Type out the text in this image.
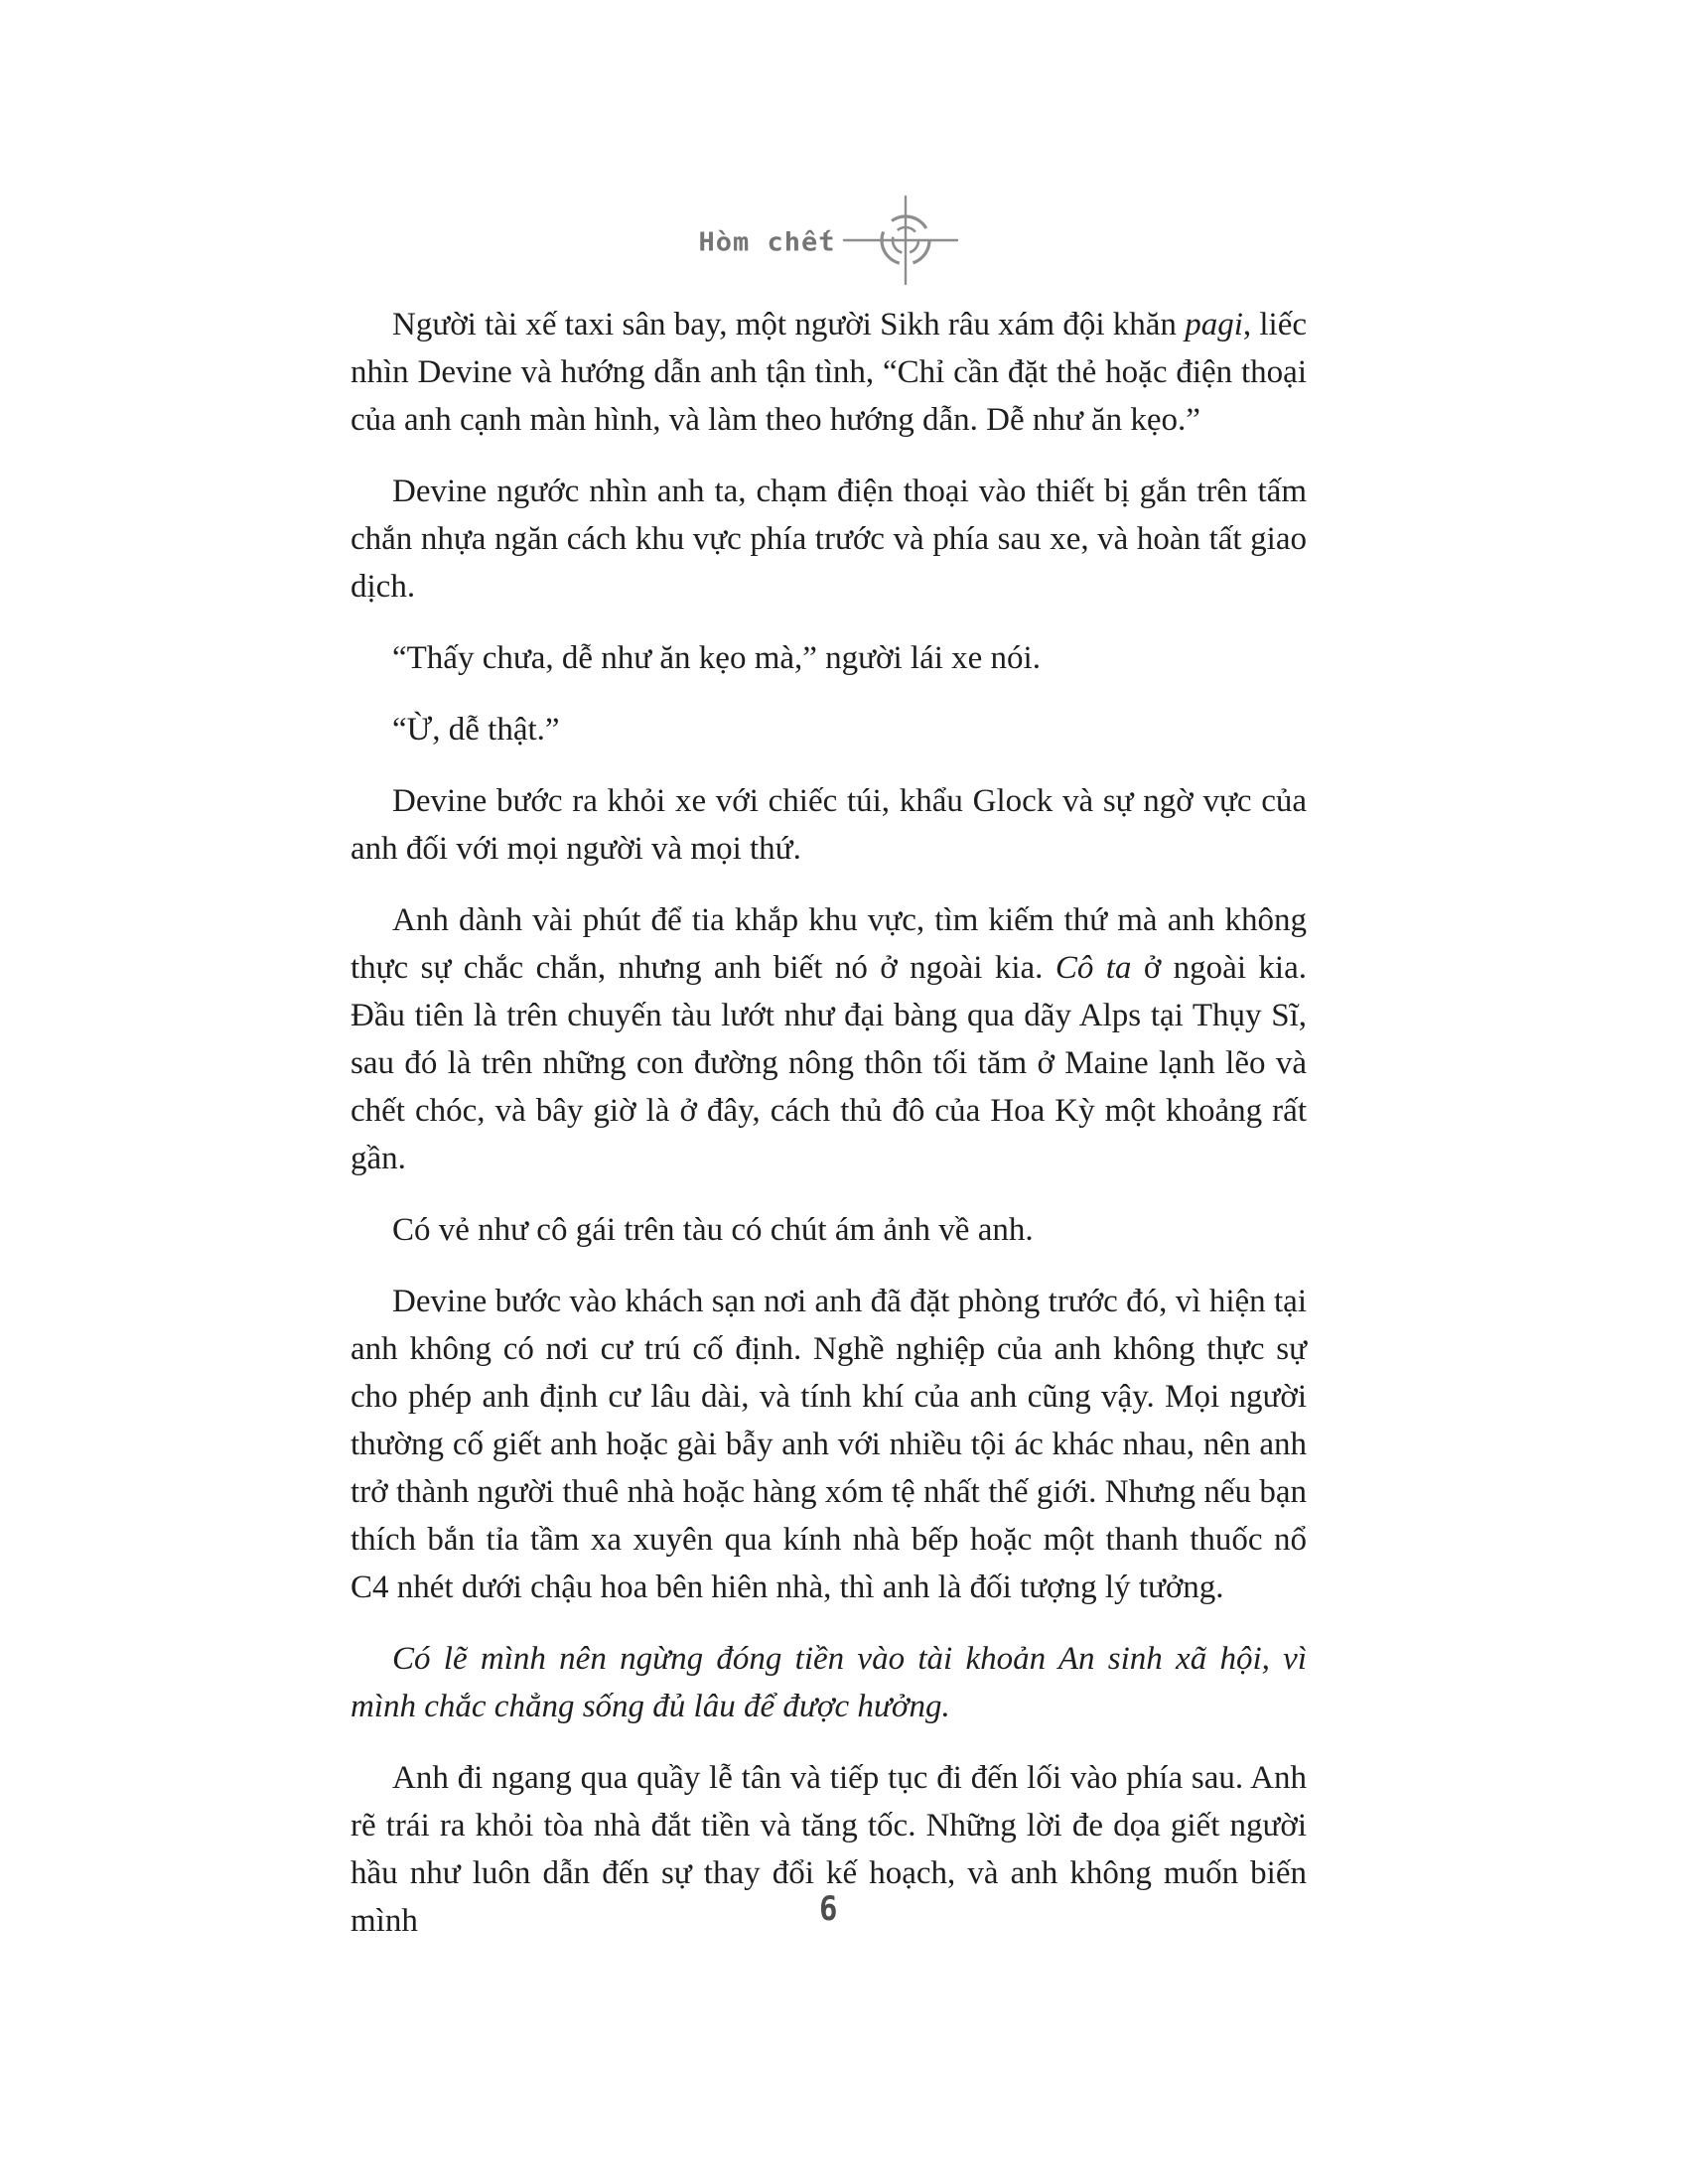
Hòm chết

Người tài xế taxi sân bay, một người Sikh râu xám đội khăn pagi, liếc nhìn Devine và hướng dẫn anh tận tình, “Chỉ cần đặt thẻ hoặc điện thoại của anh cạnh màn hình, và làm theo hướng dẫn. Dễ như ăn kẹo.”

Devine ngước nhìn anh ta, chạm điện thoại vào thiết bị gắn trên tấm chắn nhựa ngăn cách khu vực phía trước và phía sau xe, và hoàn tất giao dịch.

“Thấy chưa, dễ như ăn kẹo mà,” người lái xe nói.

“Ừ, dễ thật.”

Devine bước ra khỏi xe với chiếc túi, khẩu Glock và sự ngờ vực của anh đối với mọi người và mọi thứ.

Anh dành vài phút để tia khắp khu vực, tìm kiếm thứ mà anh không thực sự chắc chắn, nhưng anh biết nó ở ngoài kia. Cô ta ở ngoài kia. Đầu tiên là trên chuyến tàu lướt như đại bàng qua dãy Alps tại Thụy Sĩ, sau đó là trên những con đường nông thôn tối tăm ở Maine lạnh lẽo và chết chóc, và bây giờ là ở đây, cách thủ đô của Hoa Kỳ một khoảng rất gần.

Có vẻ như cô gái trên tàu có chút ám ảnh về anh.

Devine bước vào khách sạn nơi anh đã đặt phòng trước đó, vì hiện tại anh không có nơi cư trú cố định. Nghề nghiệp của anh không thực sự cho phép anh định cư lâu dài, và tính khí của anh cũng vậy. Mọi người thường cố giết anh hoặc gài bẫy anh với nhiều tội ác khác nhau, nên anh trở thành người thuê nhà hoặc hàng xóm tệ nhất thế giới. Nhưng nếu bạn thích bắn tỉa tầm xa xuyên qua kính nhà bếp hoặc một thanh thuốc nổ C4 nhét dưới chậu hoa bên hiên nhà, thì anh là đối tượng lý tưởng.

Có lẽ mình nên ngừng đóng tiền vào tài khoản An sinh xã hội, vì mình chắc chẳng sống đủ lâu để được hưởng.

Anh đi ngang qua quầy lễ tân và tiếp tục đi đến lối vào phía sau. Anh rẽ trái ra khỏi tòa nhà đắt tiền và tăng tốc. Những lời đe dọa giết người hầu như luôn dẫn đến sự thay đổi kế hoạch, và anh không muốn biến mình	6
